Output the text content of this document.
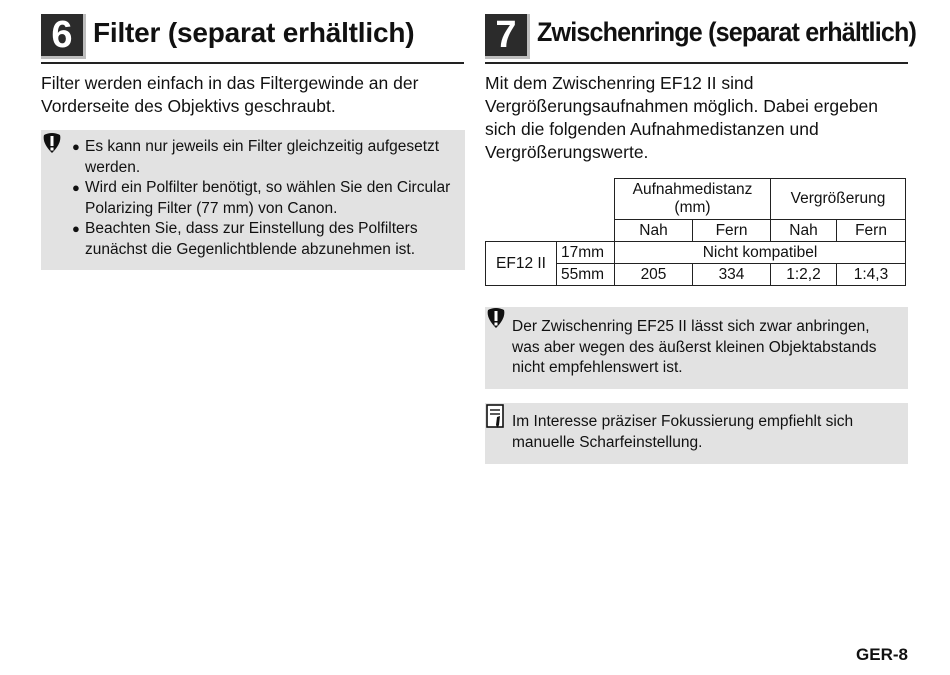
6 Filter (separat erhältlich)

Filter werden einfach in das Filtergewinde an der Vorderseite des Objektivs geschraubt.

● Es kann nur jeweils ein Filter gleichzeitig aufgesetzt werden.
● Wird ein Polfilter benötigt, so wählen Sie den Circular Polarizing Filter (77 mm) von Canon.
● Beachten Sie, dass zur Einstellung des Polfilters zunächst die Gegenlichtblende abzunehmen ist.
7 Zwischenringe (separat erhältlich)

Mit dem Zwischenring EF12 II sind Vergrößerungsaufnahmen möglich. Dabei ergeben sich die folgenden Aufnahmedistanzen und Vergrößerungswerte.

		Aufnahmedistanz (mm)		Vergrößerung	
		Nah	Fern	Nah	Fern
EF12 II	17mm	Nicht kompatibel			
	55mm	205	334	1:2,2	1:4,3

Der Zwischenring EF25 II lässt sich zwar anbringen, was aber wegen des äußerst kleinen Objektabstands nicht empfehlenswert ist.

Im Interesse präziser Fokussierung empfiehlt sich manuelle Scharfeinstellung.

GER-8
